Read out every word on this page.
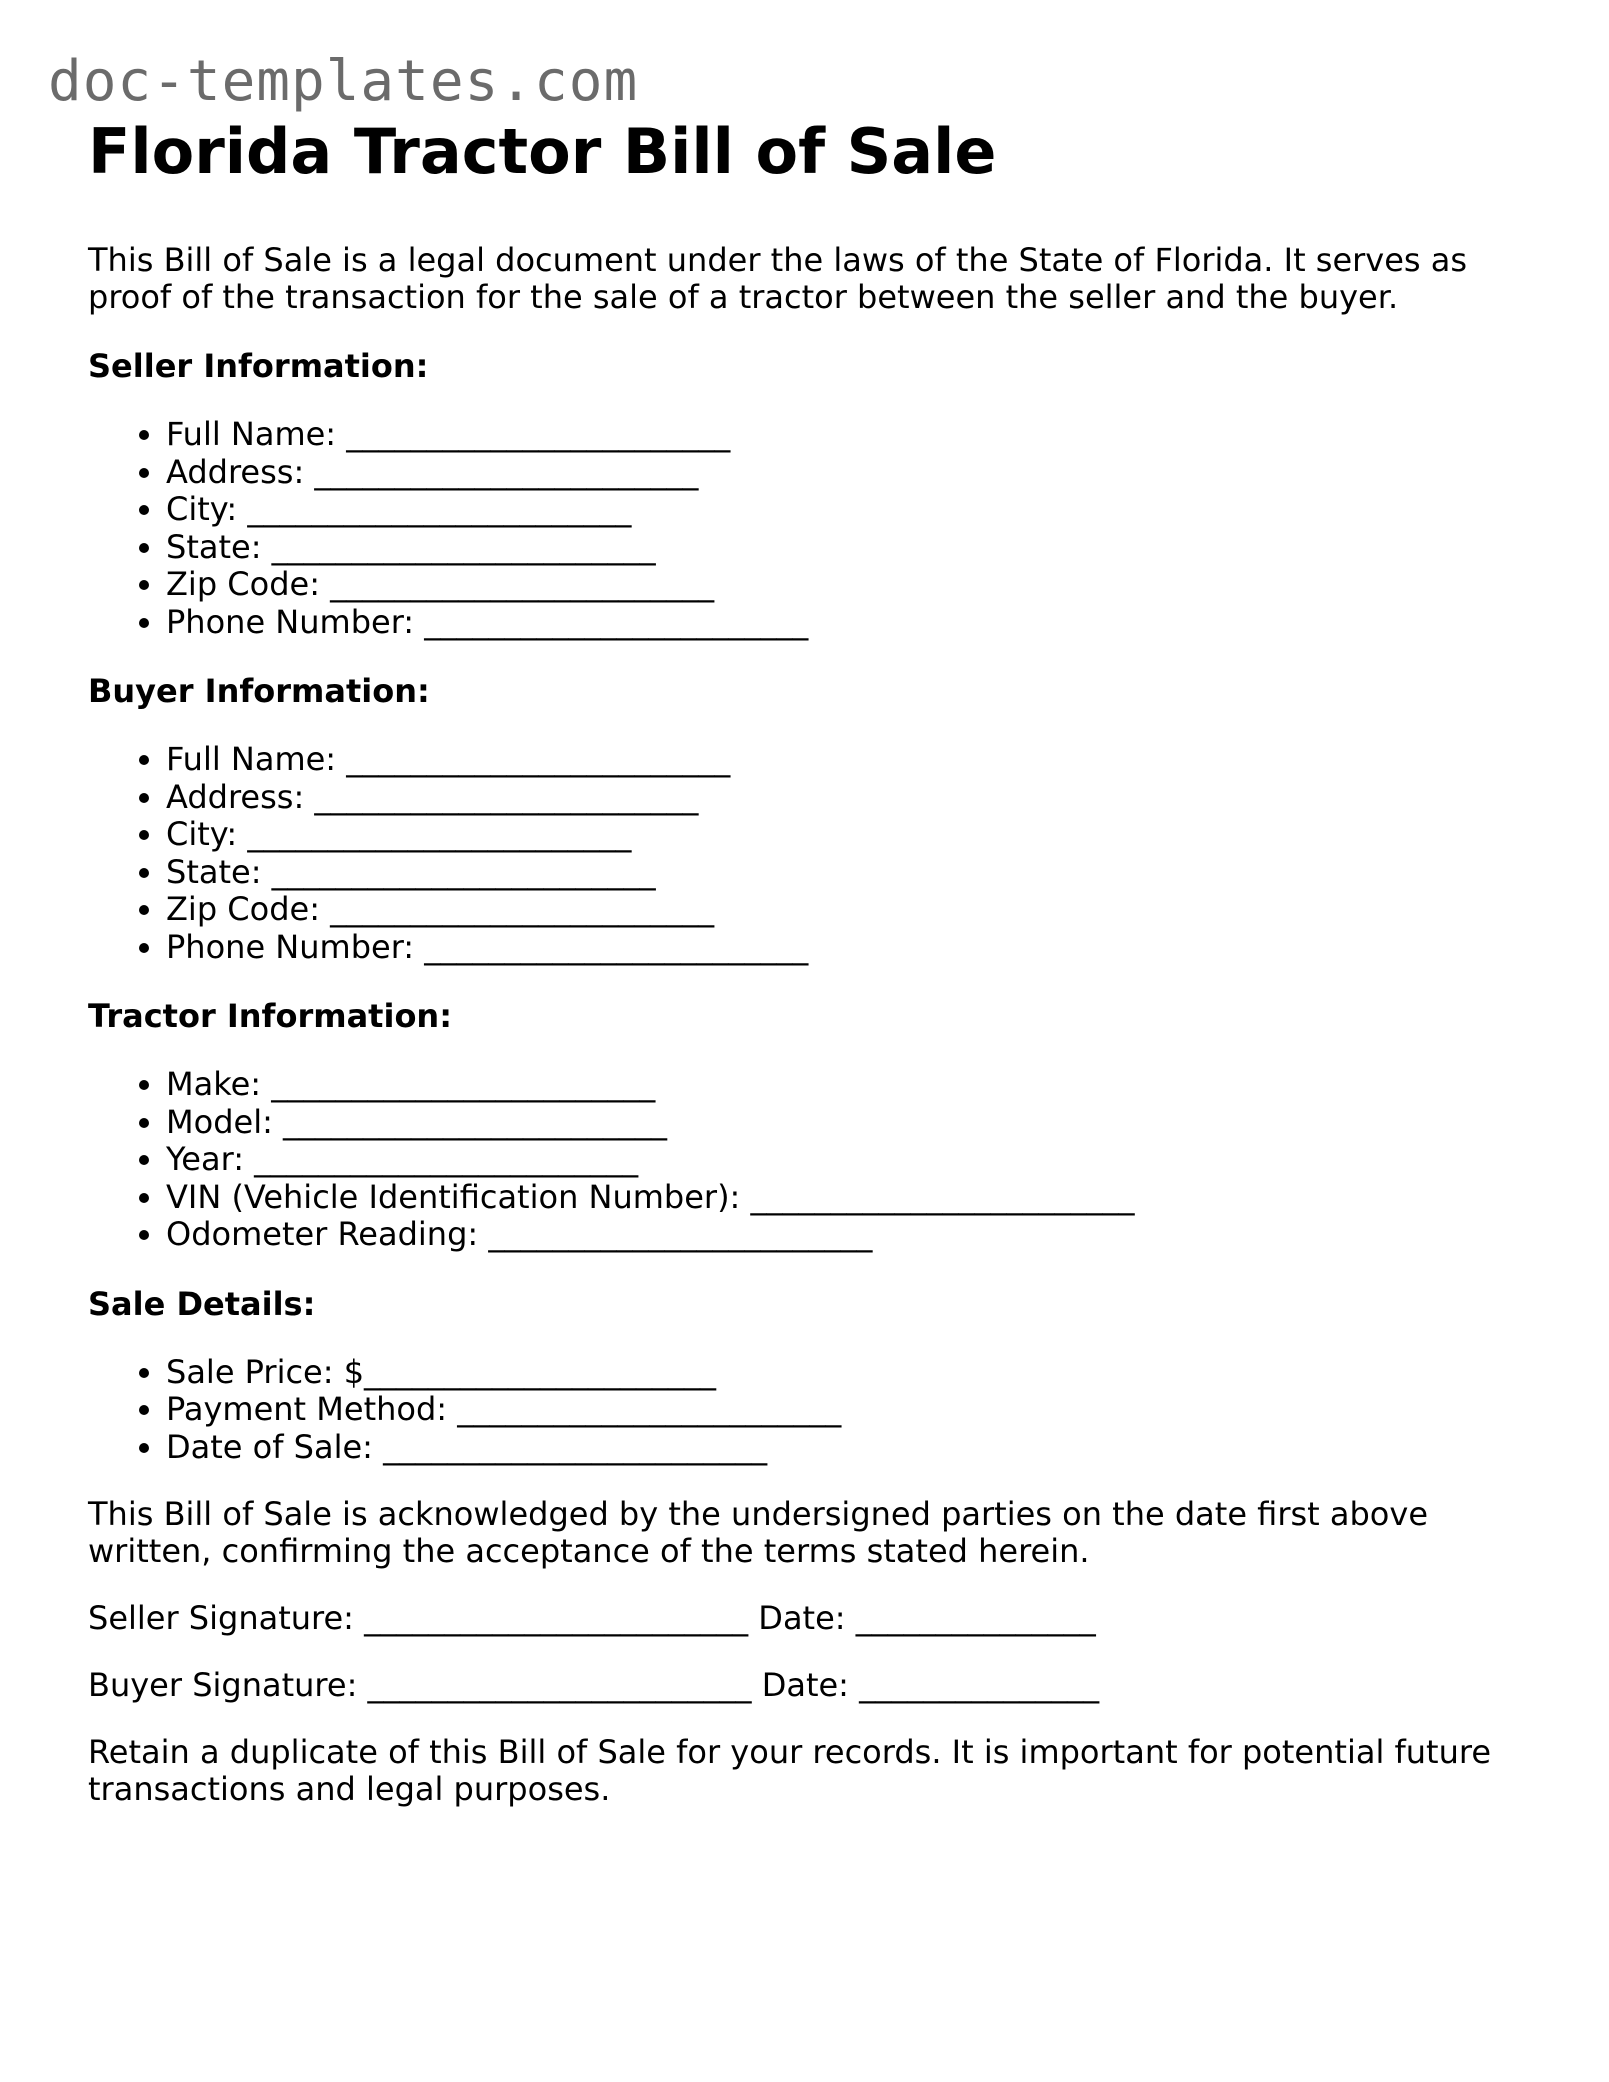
doc-templates.com
Florida Tractor Bill of Sale

This Bill of Sale is a legal document under the laws of the State of Florida. It serves as proof of the transaction for the sale of a tractor between the seller and the buyer.

Seller Information:
• Full Name: ________________________
• Address: ________________________
• City: ________________________
• State: ________________________
• Zip Code: ________________________
• Phone Number: ________________________
Buyer Information:
• Full Name: ________________________
• Address: ________________________
• City: ________________________
• State: ________________________
• Zip Code: ________________________
• Phone Number: ________________________
Tractor Information:
• Make: ________________________
• Model: ________________________
• Year: ________________________
• VIN (Vehicle Identification Number): ________________________
• Odometer Reading: ________________________
Sale Details:
• Sale Price: $______________________
• Payment Method: ________________________
• Date of Sale: ________________________

This Bill of Sale is acknowledged by the undersigned parties on the date first above written, confirming the acceptance of the terms stated herein.

Seller Signature: ________________________ Date: _______________

Buyer Signature: ________________________ Date: _______________

Retain a duplicate of this Bill of Sale for your records. It is important for potential future transactions and legal purposes.
